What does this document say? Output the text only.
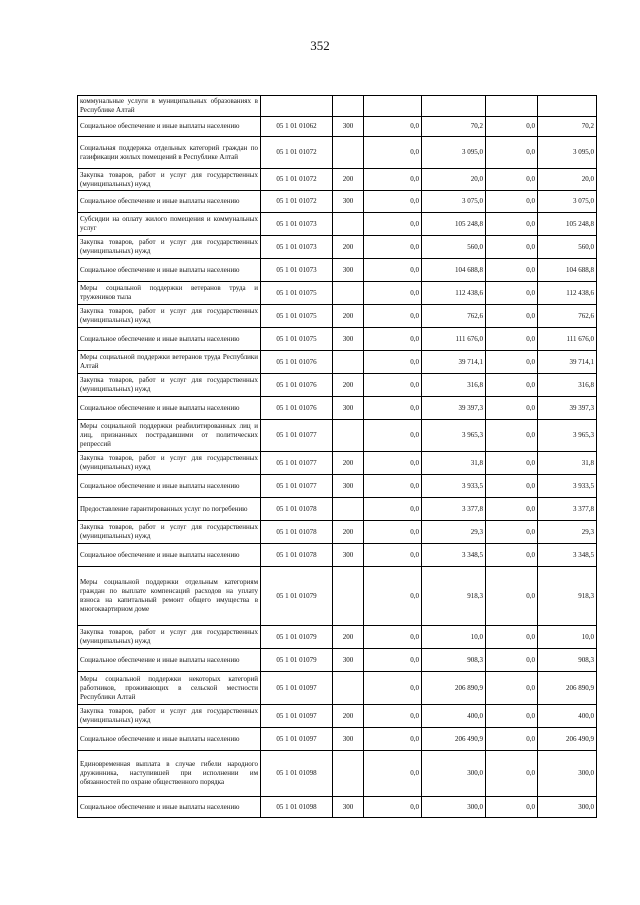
352
коммунальные услуги в муниципальных образованиях в Республике Алтай						
Социальное обеспечение и иные выплаты населению	05 1 01 01062	300	0,0	70,2	0,0	70,2
Социальная поддержка отдельных категорий граждан по газификации жилых помещений в Республике Алтай	05 1 01 01072		0,0	3 095,0	0,0	3 095,0
Закупка товаров, работ и услуг для государственных (муниципальных) нужд	05 1 01 01072	200	0,0	20,0	0,0	20,0
Социальное обеспечение и иные выплаты населению	05 1 01 01072	300	0,0	3 075,0	0,0	3 075,0
Субсидии на оплату жилого помещения и коммунальных услуг	05 1 01 01073		0,0	105 248,8	0,0	105 248,8
Закупка товаров, работ и услуг для государственных (муниципальных) нужд	05 1 01 01073	200	0,0	560,0	0,0	560,0
Социальное обеспечение и иные выплаты населению	05 1 01 01073	300	0,0	104 688,8	0,0	104 688,8
Меры социальной поддержки ветеранов труда и тружеников тыла	05 1 01 01075		0,0	112 438,6	0,0	112 438,6
Закупка товаров, работ и услуг для государственных (муниципальных) нужд	05 1 01 01075	200	0,0	762,6	0,0	762,6
Социальное обеспечение и иные выплаты населению	05 1 01 01075	300	0,0	111 676,0	0,0	111 676,0
Меры социальной поддержки ветеранов труда Республики Алтай	05 1 01 01076		0,0	39 714,1	0,0	39 714,1
Закупка товаров, работ и услуг для государственных (муниципальных) нужд	05 1 01 01076	200	0,0	316,8	0,0	316,8
Социальное обеспечение и иные выплаты населению	05 1 01 01076	300	0,0	39 397,3	0,0	39 397,3
Меры социальной поддержки реабилитированных лиц и лиц, признанных пострадавшими от политических репрессий	05 1 01 01077		0,0	3 965,3	0,0	3 965,3
Закупка товаров, работ и услуг для государственных (муниципальных) нужд	05 1 01 01077	200	0,0	31,8	0,0	31,8
Социальное обеспечение и иные выплаты населению	05 1 01 01077	300	0,0	3 933,5	0,0	3 933,5
Предоставление гарантированных услуг по погребению	05 1 01 01078		0,0	3 377,8	0,0	3 377,8
Закупка товаров, работ и услуг для государственных (муниципальных) нужд	05 1 01 01078	200	0,0	29,3	0,0	29,3
Социальное обеспечение и иные выплаты населению	05 1 01 01078	300	0,0	3 348,5	0,0	3 348,5
Меры социальной поддержки отдельным категориям граждан по выплате компенсаций расходов на уплату взноса на капитальный ремонт общего имущества в многоквартирном доме	05 1 01 01079		0,0	918,3	0,0	918,3
Закупка товаров, работ и услуг для государственных (муниципальных) нужд	05 1 01 01079	200	0,0	10,0	0,0	10,0
Социальное обеспечение и иные выплаты населению	05 1 01 01079	300	0,0	908,3	0,0	908,3
Меры социальной поддержки некоторых категорий работников, проживающих в сельской местности Республики Алтай	05 1 01 01097		0,0	206 890,9	0,0	206 890,9
Закупка товаров, работ и услуг для государственных (муниципальных) нужд	05 1 01 01097	200	0,0	400,0	0,0	400,0
Социальное обеспечение и иные выплаты населению	05 1 01 01097	300	0,0	206 490,9	0,0	206 490,9
Единовременная выплата в случае гибели народного дружинника, наступившей при исполнении им обязанностей по охране общественного порядка	05 1 01 01098		0,0	300,0	0,0	300,0
Социальное обеспечение и иные выплаты населению	05 1 01 01098	300	0,0	300,0	0,0	300,0
